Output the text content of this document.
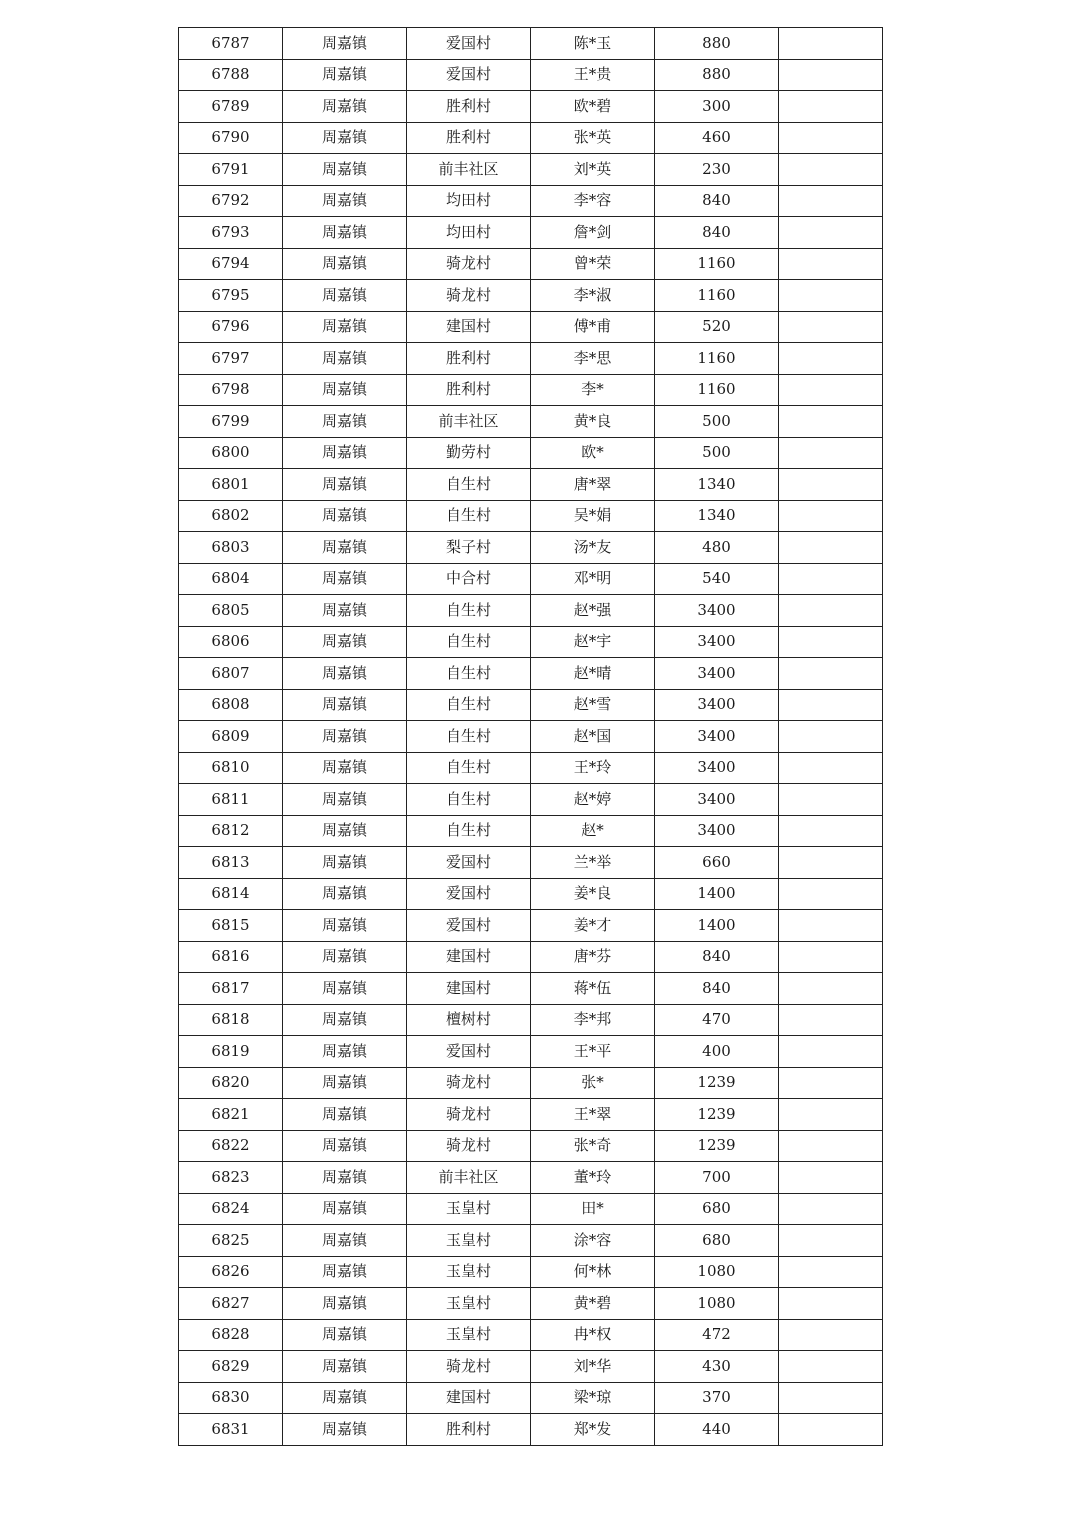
6787	周嘉镇	爱国村	陈*玉	880	
6788	周嘉镇	爱国村	王*贵	880	
6789	周嘉镇	胜利村	欧*碧	300	
6790	周嘉镇	胜利村	张*英	460	
6791	周嘉镇	前丰社区	刘*英	230	
6792	周嘉镇	均田村	李*容	840	
6793	周嘉镇	均田村	詹*剑	840	
6794	周嘉镇	骑龙村	曾*荣	1160	
6795	周嘉镇	骑龙村	李*淑	1160	
6796	周嘉镇	建国村	傅*甫	520	
6797	周嘉镇	胜利村	李*思	1160	
6798	周嘉镇	胜利村	李*	1160	
6799	周嘉镇	前丰社区	黄*良	500	
6800	周嘉镇	勤劳村	欧*	500	
6801	周嘉镇	自生村	唐*翠	1340	
6802	周嘉镇	自生村	吴*娟	1340	
6803	周嘉镇	梨子村	汤*友	480	
6804	周嘉镇	中合村	邓*明	540	
6805	周嘉镇	自生村	赵*强	3400	
6806	周嘉镇	自生村	赵*宇	3400	
6807	周嘉镇	自生村	赵*晴	3400	
6808	周嘉镇	自生村	赵*雪	3400	
6809	周嘉镇	自生村	赵*国	3400	
6810	周嘉镇	自生村	王*玲	3400	
6811	周嘉镇	自生村	赵*婷	3400	
6812	周嘉镇	自生村	赵*	3400	
6813	周嘉镇	爱国村	兰*举	660	
6814	周嘉镇	爱国村	姜*良	1400	
6815	周嘉镇	爱国村	姜*才	1400	
6816	周嘉镇	建国村	唐*芬	840	
6817	周嘉镇	建国村	蒋*伍	840	
6818	周嘉镇	檀树村	李*邦	470	
6819	周嘉镇	爱国村	王*平	400	
6820	周嘉镇	骑龙村	张*	1239	
6821	周嘉镇	骑龙村	王*翠	1239	
6822	周嘉镇	骑龙村	张*奇	1239	
6823	周嘉镇	前丰社区	董*玲	700	
6824	周嘉镇	玉皇村	田*	680	
6825	周嘉镇	玉皇村	涂*容	680	
6826	周嘉镇	玉皇村	何*林	1080	
6827	周嘉镇	玉皇村	黄*碧	1080	
6828	周嘉镇	玉皇村	冉*权	472	
6829	周嘉镇	骑龙村	刘*华	430	
6830	周嘉镇	建国村	梁*琼	370	
6831	周嘉镇	胜利村	郑*发	440	
